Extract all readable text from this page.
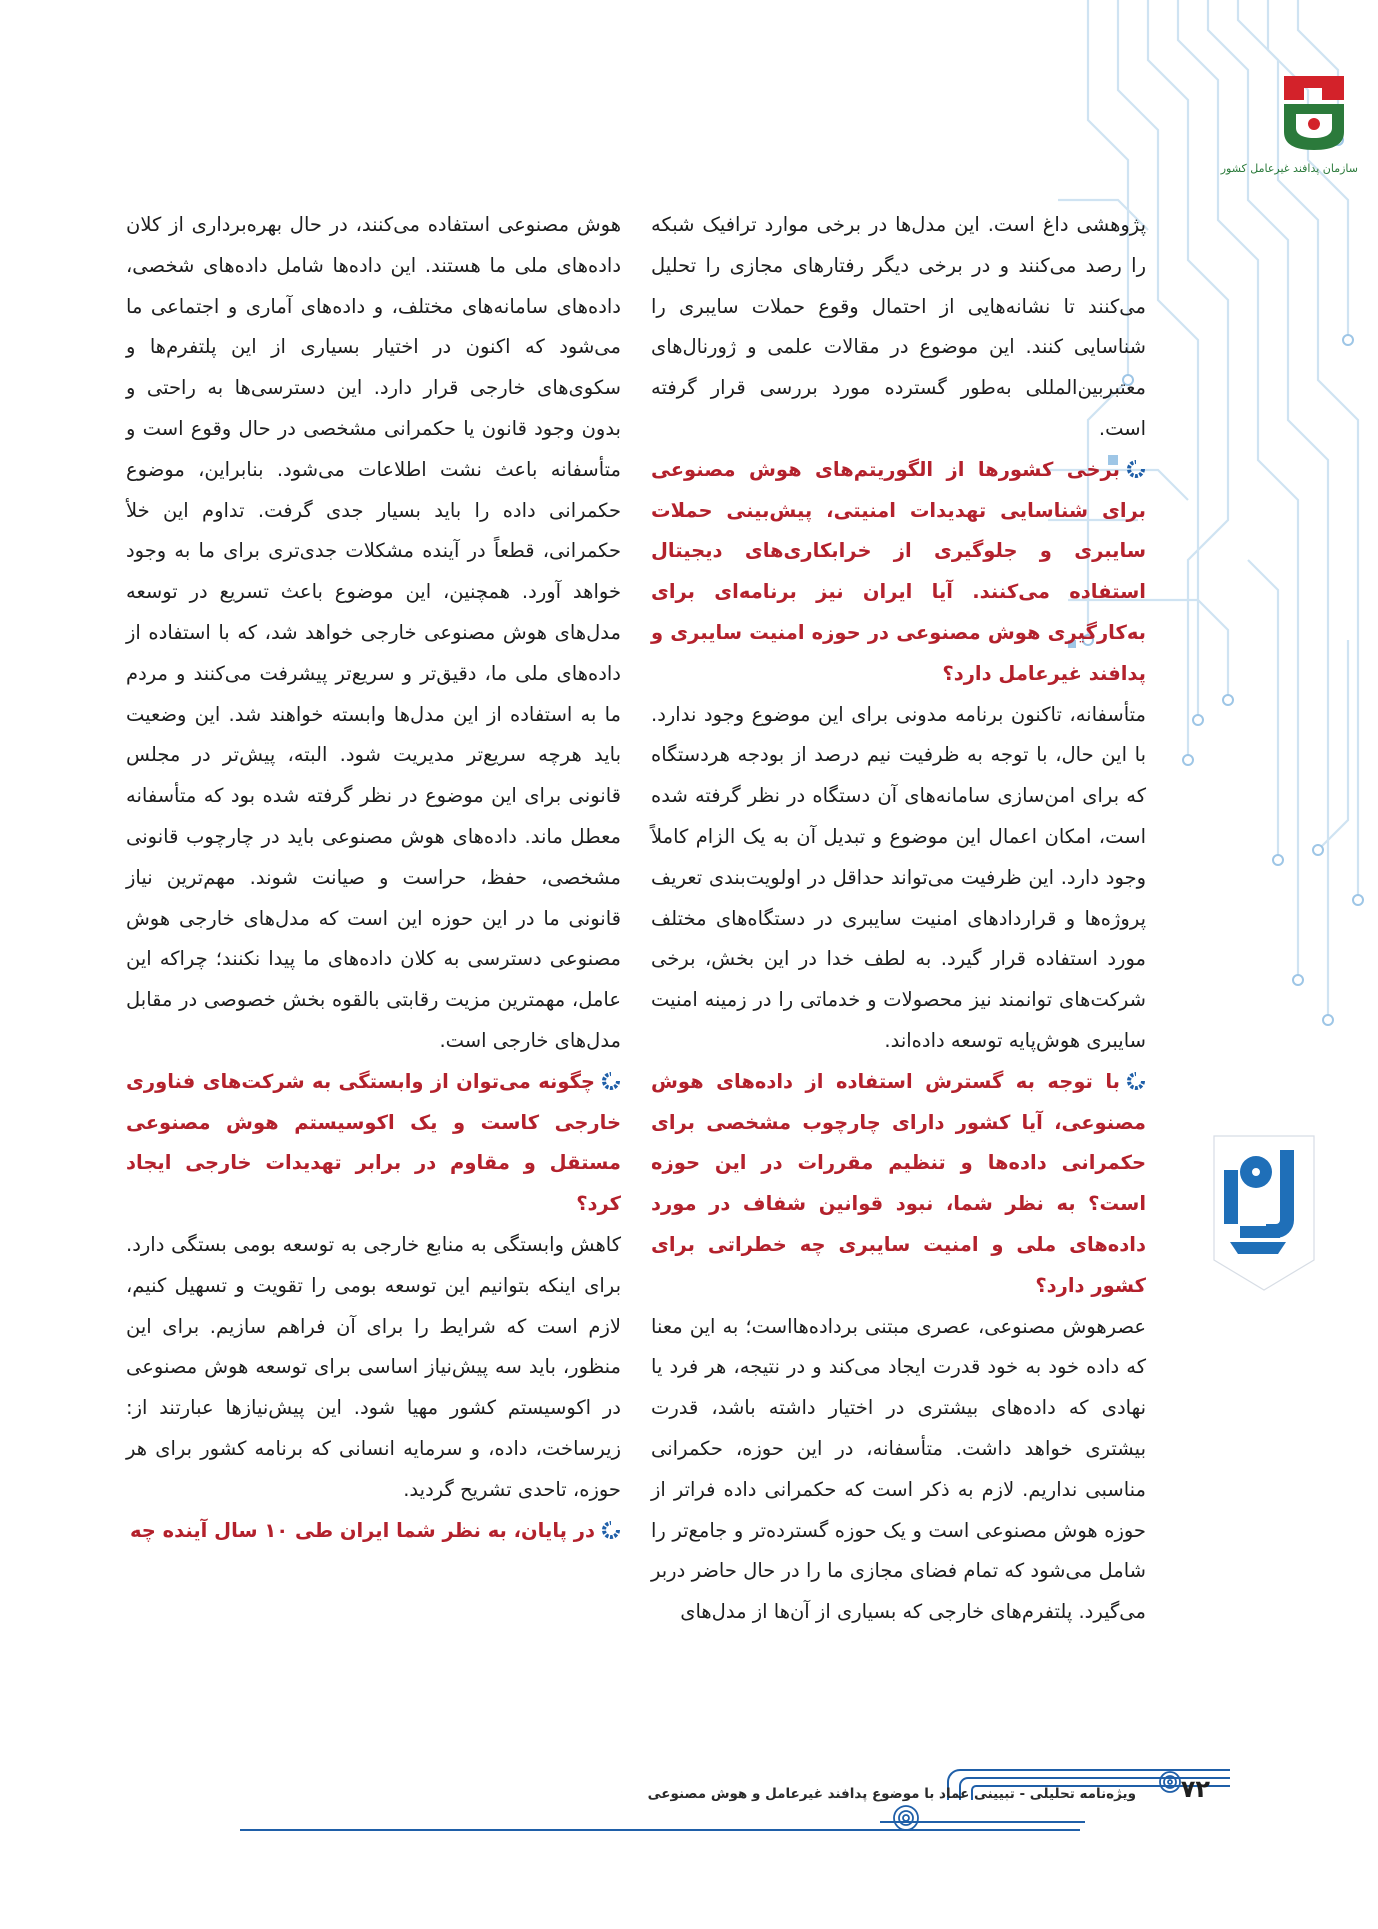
سازمان پدافند غیرعامل کشور

پژوهشی داغ است. این مدل‌ها در برخی موارد ترافیک شبکه را رصد می‌کنند و در برخی دیگر رفتارهای مجازی را تحلیل می‌کنند تا نشانه‌هایی از احتمال وقوع حملات سایبری را شناسایی کنند. این موضوع در مقالات علمی و ژورنال‌های معتبربین‌المللی به‌طور گسترده مورد بررسی قرار گرفته است.

برخی کشورها از الگوریتم‌های هوش مصنوعی برای شناسایی تهدیدات امنیتی، پیش‌بینی حملات سایبری و جلوگیری از خرابکاری‌های دیجیتال استفاده می‌کنند. آیا ایران نیز برنامه‌ای برای به‌کارگیری هوش مصنوعی در حوزه امنیت سایبری و پدافند غیرعامل دارد؟

متأسفانه، تاکنون برنامه مدونی برای این موضوع وجود ندارد. با این حال، با توجه به ظرفیت نیم درصد از بودجه هردستگاه که برای امن‌سازی سامانه‌های آن دستگاه در نظر گرفته شده است، امکان اعمال این موضوع و تبدیل آن به یک الزام کاملاً وجود دارد. این ظرفیت می‌تواند حداقل در اولویت‌بندی تعریف پروژه‌ها و قراردادهای امنیت سایبری در دستگاه‌های مختلف مورد استفاده قرار گیرد. به لطف خدا در این بخش، برخی شرکت‌های توانمند نیز محصولات و خدماتی را در زمینه امنیت سایبری هوش‌پایه توسعه داده‌اند.

با توجه به گسترش استفاده از داده‌های هوش مصنوعی، آیا کشور دارای چارچوب مشخصی برای حکمرانی داده‌ها و تنظیم مقررات در این حوزه است؟ به نظر شما، نبود قوانین شفاف در مورد داده‌های ملی و امنیت سایبری چه خطراتی برای کشور دارد؟

عصرهوش مصنوعی، عصری مبتنی برداده‌هااست؛ به این معنا که داده خود به خود قدرت ایجاد می‌کند و در نتیجه، هر فرد یا نهادی که داده‌های بیشتری در اختیار داشته باشد، قدرت بیشتری خواهد داشت. متأسفانه، در این حوزه، حکمرانی مناسبی نداریم. لازم به ذکر است که حکمرانی داده فراتر از حوزه هوش مصنوعی است و یک حوزه گسترده‌تر و جامع‌تر را شامل می‌شود که تمام فضای مجازی ما را در حال حاضر دربر می‌گیرد. پلتفرم‌های خارجی که بسیاری از آن‌ها از مدل‌های

هوش مصنوعی استفاده می‌کنند، در حال بهره‌برداری از کلان داده‌های ملی ما هستند. این داده‌ها شامل داده‌های شخصی، داده‌های سامانه‌های مختلف، و داده‌های آماری و اجتماعی ما می‌شود که اکنون در اختیار بسیاری از این پلتفرم‌ها و سکوی‌های خارجی قرار دارد. این دسترسی‌ها به راحتی و بدون وجود قانون یا حکمرانی مشخصی در حال وقوع است و متأسفانه باعث نشت اطلاعات می‌شود. بنابراین، موضوع حکمرانی داده را باید بسیار جدی گرفت. تداوم این خلأ حکمرانی، قطعاً در آینده مشکلات جدی‌تری برای ما به وجود خواهد آورد. همچنین، این موضوع باعث تسریع در توسعه مدل‌های هوش مصنوعی خارجی خواهد شد، که با استفاده از داده‌های ملی ما، دقیق‌تر و سریع‌تر پیشرفت می‌کنند و مردم ما به استفاده از این مدل‌ها وابسته خواهند شد. این وضعیت باید هرچه سریع‌تر مدیریت شود. البته، پیش‌تر در مجلس قانونی برای این موضوع در نظر گرفته شده بود که متأسفانه معطل ماند. داده‌های هوش مصنوعی باید در چارچوب قانونی مشخصی، حفظ، حراست و صیانت شوند. مهم‌ترین نیاز قانونی ما در این حوزه این است که مدل‌های خارجی هوش مصنوعی دسترسی به کلان داده‌های ما پیدا نکنند؛ چراکه این عامل، مهمترین مزیت رقابتی بالقوه بخش خصوصی در مقابل مدل‌های خارجی است.

چگونه می‌توان از وابستگی به شرکت‌های فناوری خارجی کاست و یک اکوسیستم هوش مصنوعی مستقل و مقاوم در برابر تهدیدات خارجی ایجاد کرد؟

کاهش وابستگی به منابع خارجی به توسعه بومی بستگی دارد. برای اینکه بتوانیم این توسعه بومی را تقویت و تسهیل کنیم، لازم است که شرایط را برای آن فراهم سازیم. برای این منظور، باید سه پیش‌نیاز اساسی برای توسعه هوش مصنوعی در اکوسیستم کشور مهیا شود. این پیش‌نیازها عبارتند از: زیرساخت، داده، و سرمایه انسانی که برنامه کشور برای هر حوزه، تاحدی تشریح گردید.

در پایان، به نظر شما ایران طی ۱۰ سال آینده چه

ویژه‌نامه تحلیلی - تبیینی عماد با موضوع پدافند غیرعامل و هوش مصنوعی ۷۲
